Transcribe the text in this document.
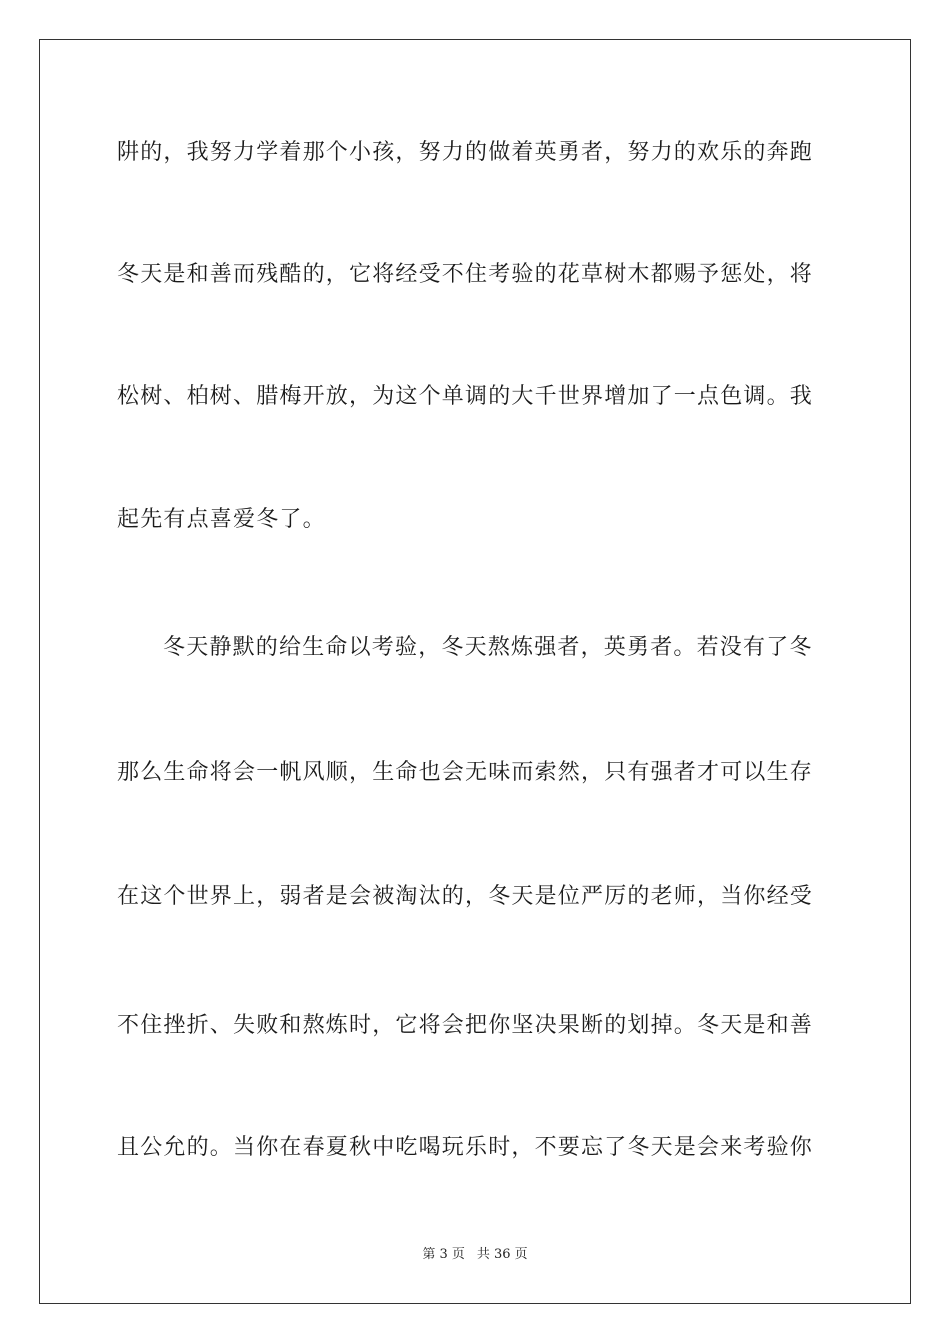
阱的，我努力学着那个小孩，努力的做着英勇者，努力的欢乐的奔跑
冬天是和善而残酷的，它将经受不住考验的花草树木都赐予惩处，将
松树、柏树、腊梅开放，为这个单调的大千世界增加了一点色调。我
起先有点喜爱冬了。
冬天静默的给生命以考验，冬天熬炼强者，英勇者。若没有了冬
那么生命将会一帆风顺，生命也会无味而索然，只有强者才可以生存
在这个世界上，弱者是会被淘汰的，冬天是位严厉的老师，当你经受
不住挫折、失败和熬炼时，它将会把你坚决果断的划掉。冬天是和善
且公允的。当你在春夏秋中吃喝玩乐时，不要忘了冬天是会来考验你
第 3 页 共 36 页
